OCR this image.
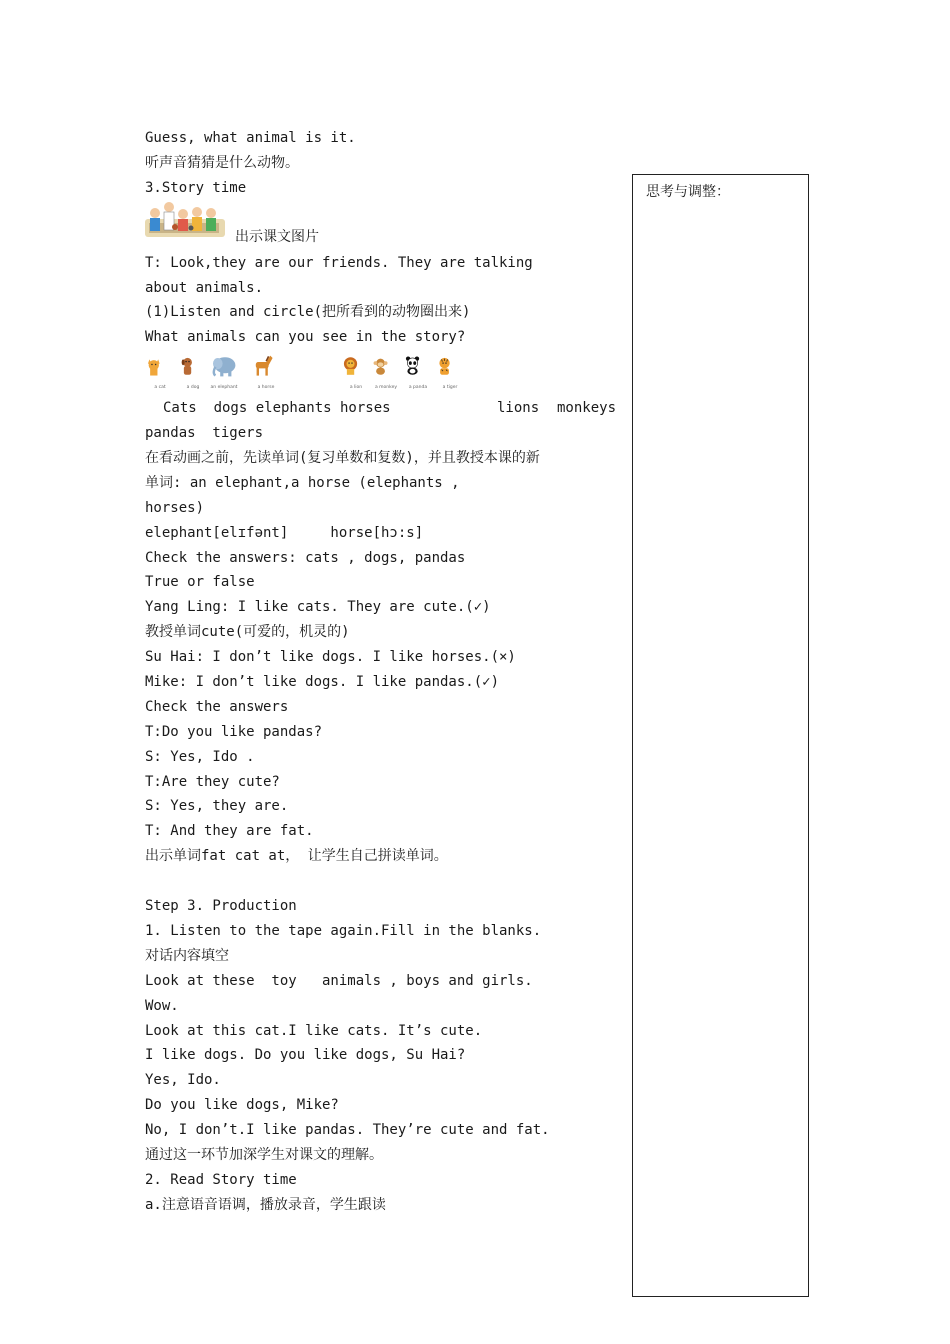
Guess, what animal is it.
听声音猜猜是什么动物。
3.Story time

出示课文图片

T: Look,they are our friends. They are talking
about animals.
(1)Listen and circle(把所看到的动物圈出来)
What animals can you see in the story?
a cat	a dog	an elephant	a horse	a lion	a monkey	a panda	a tiger
Cats  dogs elephants horses	lions monkeys
pandas  tigers
在看动画之前，先读单词(复习单数和复数)，并且教授本课的新
单词: an elephant,a horse (elephants ,
horses)
elephant[elɪfənt]     horse[hɔ:s]
Check the answers: cats , dogs, pandas
True or false
Yang Ling: I like cats. They are cute.(✓)
教授单词cute(可爱的，机灵的)
Su Hai: I don’t like dogs. I like horses.(×)
Mike: I don’t like dogs. I like pandas.(✓)
Check the answers
T:Do you like pandas?
S: Yes, Ido .
T:Are they cute?
S: Yes, they are.
T: And they are fat.
出示单词fat cat at， 让学生自己拼读单词。
Step 3. Production
1. Listen to the tape again.Fill in the blanks.
对话内容填空
Look at these  toy   animals , boys and girls.
Wow.
Look at this cat.I like cats. It’s cute.
I like dogs. Do you like dogs, Su Hai?
Yes, Ido.
Do you like dogs, Mike?
No, I don’t.I like pandas. They’re cute and fat.
通过这一环节加深学生对课文的理解。
2. Read Story time
a.注意语音语调，播放录音，学生跟读
思考与调整：
